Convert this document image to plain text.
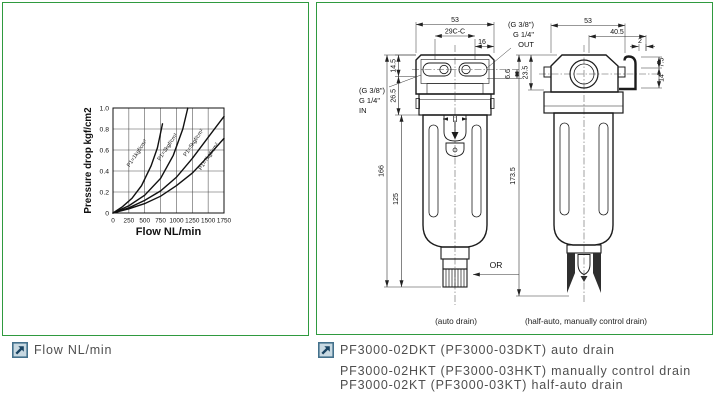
0 250 500 750 1000 1250 1500 1750
0
0.2
0.4
0.6
0.8
1.0
P1=1kgf/cm² P1=3kgf/cm² P1=5kgf/cm²
P1=7kgf/cm²
Pressure drop kgf/cm2
Flow NL/min
53
29C-C
16
14.5
26.5
166
125
6.6
OR
(G 3/8")
G 1/4"
IN
(G 3/8")
G 1/4"
OUT
(auto drain)
53
40.5
2
7.5
14
23.5
173.5
(half-auto, manually control drain)
Flow NL/min	PF3000-02DKT (PF3000-03DKT) auto drain
PF3000-02HKT (PF3000-03HKT) manually control drain
PF3000-02KT (PF3000-03KT) half-auto drain
